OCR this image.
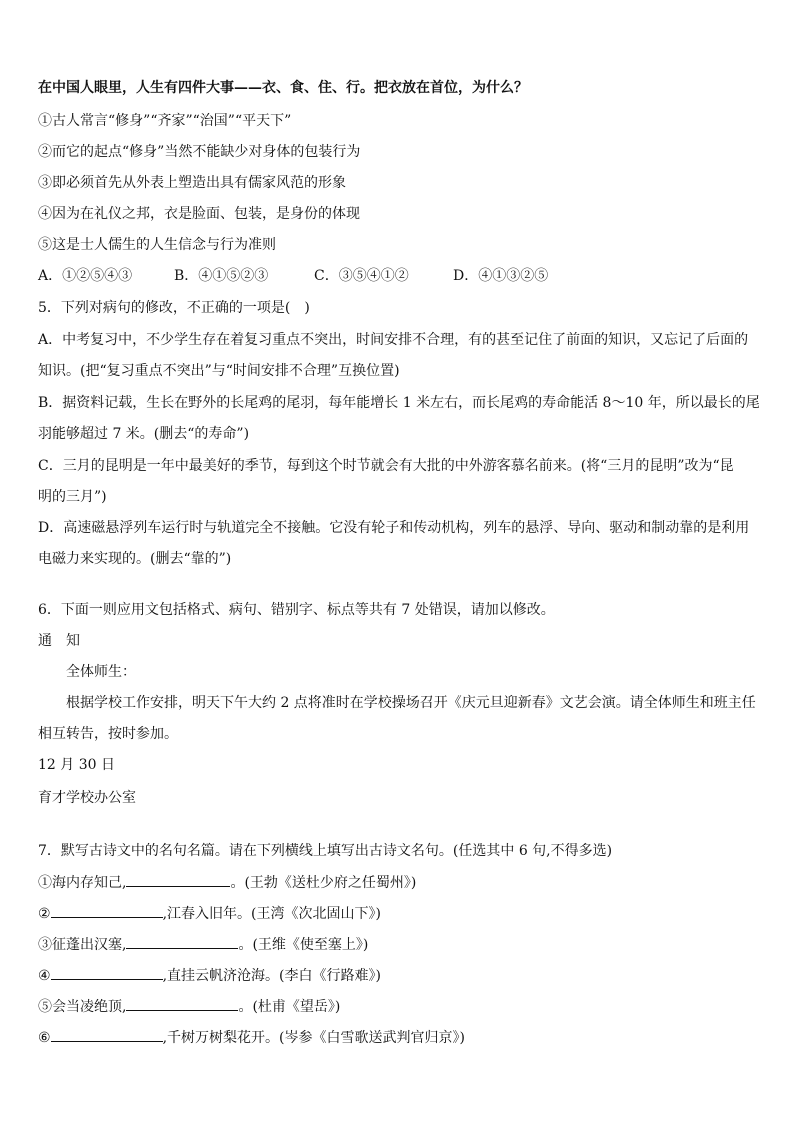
在中国人眼里，人生有四件大事——衣、食、住、行。把衣放在首位，为什么？
①古人常言“修身”“齐家”“治国”“平天下”
②而它的起点“修身”当然不能缺少对身体的包装行为
③即必须首先从外表上塑造出具有儒家风范的形象
④因为在礼仪之邦，衣是脸面、包装，是身份的体现
⑤这是士人儒生的人生信念与行为准则
A．①②⑤④③	B．④①⑤②③	C．③⑤④①②	D．④①③②⑤
5．下列对病句的修改，不正确的一项是(　)
A．中考复习中，不少学生存在着复习重点不突出，时间安排不合理，有的甚至记住了前面的知识，又忘记了后面的
知识。(把“复习重点不突出”与“时间安排不合理”互换位置)
B．据资料记载，生长在野外的长尾鸡的尾羽，每年能增长 1 米左右，而长尾鸡的寿命能活 8～10 年，所以最长的尾
羽能够超过 7 米。(删去“的寿命”)
C．三月的昆明是一年中最美好的季节，每到这个时节就会有大批的中外游客慕名前来。(将“三月的昆明”改为“昆
明的三月”)
D．高速磁悬浮列车运行时与轨道完全不接触。它没有轮子和传动机构，列车的悬浮、导向、驱动和制动靠的是利用
电磁力来实现的。(删去“靠的”)
6．下面一则应用文包括格式、病句、错别字、标点等共有 7 处错误，请加以修改。
通　知
全体师生：
根据学校工作安排，明天下午大约 2 点将准时在学校操场召开《庆元旦迎新春》文艺会演。请全体师生和班主任
相互转告，按时参加。
12 月 30 日
育才学校办公室
7．默写古诗文中的名句名篇。请在下列横线上填写出古诗文名句。(任选其中 6 句,不得多选)
①海内存知己,	。(王勃《送杜少府之任蜀州》)
②	,江春入旧年。(王湾《次北固山下》)
③征蓬出汉塞,	。(王维《使至塞上》)
④	,直挂云帆济沧海。(李白《行路难》)
⑤会当凌绝顶,	。(杜甫《望岳》)
⑥	,千树万树梨花开。(岑参《白雪歌送武判官归京》)
